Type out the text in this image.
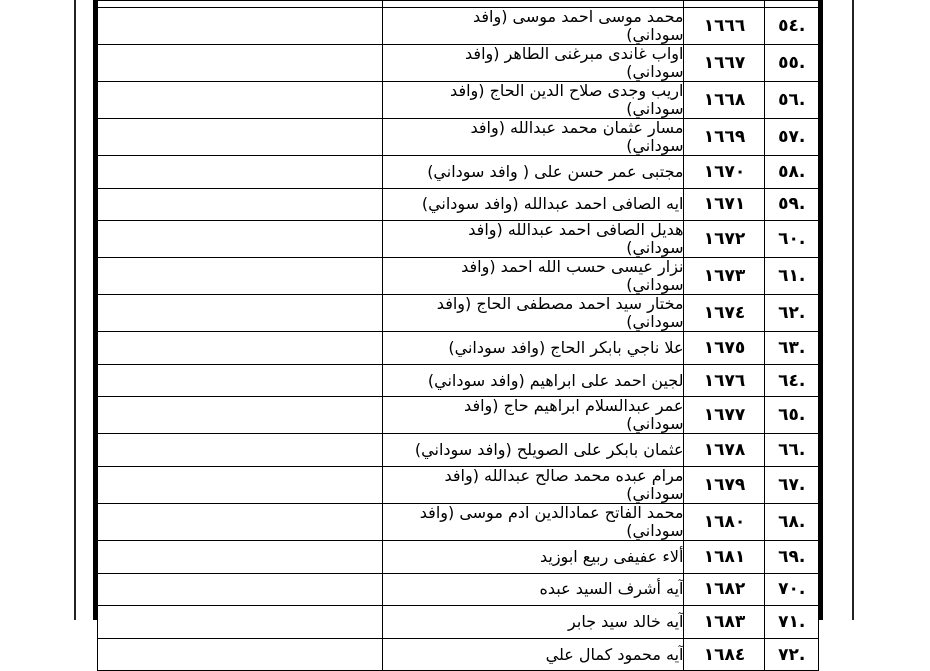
.٥٤	١٦٦٦	محمد موسى احمد موسى (وافد سوداني)	
.٥٥	١٦٦٧	اواب غاندى مبرغنى الطاهر (وافد سوداني)	
.٥٦	١٦٦٨	اريب وجدى صلاح الدين الحاج (وافد سوداني)	
.٥٧	١٦٦٩	مسار عثمان محمد عبدالله (وافد سوداني)	
.٥٨	١٦٧٠	مجتبى عمر حسن على ( وافد سوداني)	
.٥٩	١٦٧١	ايه الصافى احمد عبدالله (وافد سوداني)	
.٦٠	١٦٧٢	هديل الصافى احمد عبدالله (وافد سوداني)	
.٦١	١٦٧٣	نزار عيسى حسب الله احمد (وافد سوداني)	
.٦٢	١٦٧٤	مختار سيد احمد مصطفى الحاج (وافد سوداني)	
.٦٣	١٦٧٥	علا ناجي بابكر الحاج (وافد سوداني)	
.٦٤	١٦٧٦	لجين احمد على ابراهيم (وافد سوداني)	
.٦٥	١٦٧٧	عمر عبدالسلام ابراهيم حاج (وافد سوداني)	
.٦٦	١٦٧٨	عثمان بابكر على الصويلح (وافد سوداني)	
.٦٧	١٦٧٩	مرام عبده محمد صالح عبدالله (وافد سوداني)	
.٦٨	١٦٨٠	محمد الفاتح عمادالدين ادم موسى (وافد سوداني)	
.٦٩	١٦٨١	ألاء عفيفى ربيع ابوزيد	
.٧٠	١٦٨٢	آيه أشرف السيد عبده	
.٧١	١٦٨٣	آيه خالد سيد جابر	
.٧٢	١٦٨٤	آيه محمود كمال علي	
